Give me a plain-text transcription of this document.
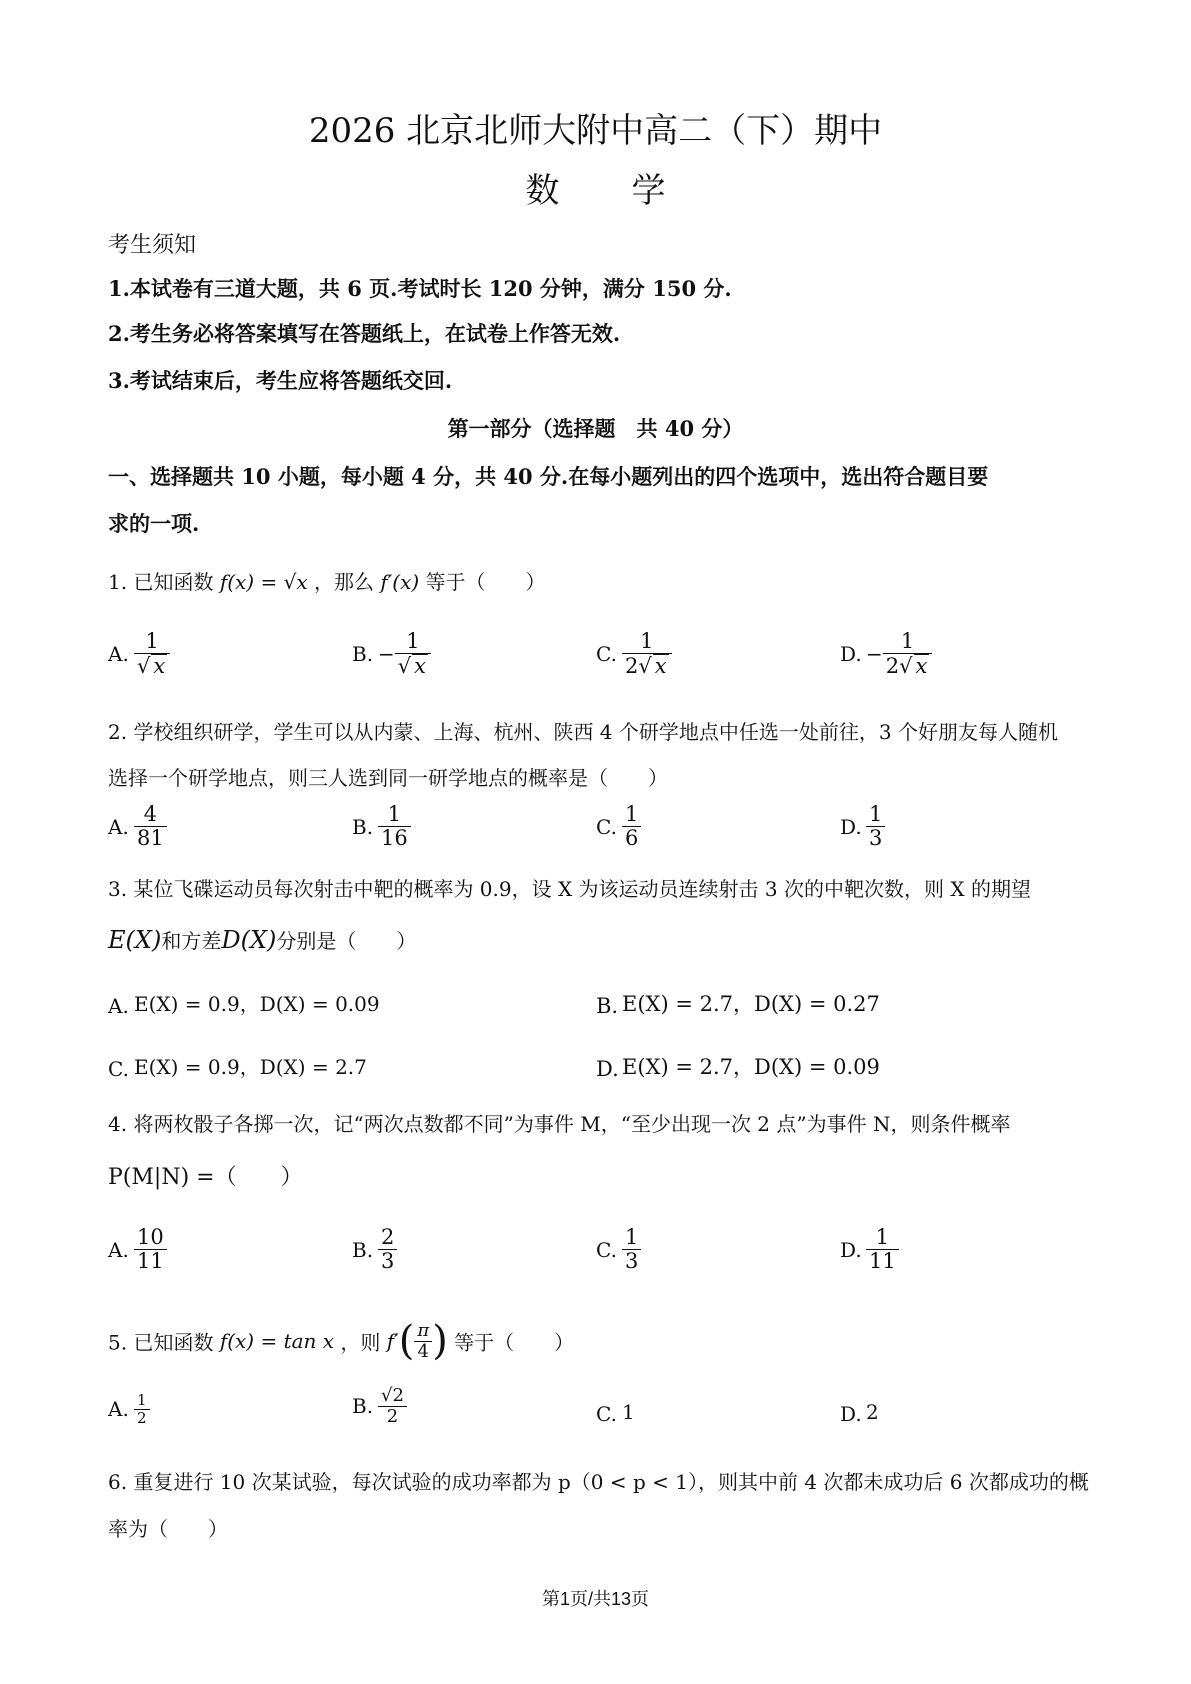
2026 北京北师大附中高二（下）期中
数学
考生须知
1.本试卷有三道大题，共 6 页.考试时长 120 分钟，满分 150 分.
2.考生务必将答案填写在答题纸上，在试卷上作答无效.
3.考试结束后，考生应将答题纸交回.
第一部分（选择题　共 40 分）
一、选择题共 10 小题，每小题 4 分，共 40 分.在每小题列出的四个选项中，选出符合题目要
求的一项.
1. 已知函数 f(x) = √x ，那么 f′(x) 等于（　　）
A. $\frac{1}{√ x}$	B. − $\frac{1}{√ x}$	C. $\frac{1}{2√ x}$	D. − $\frac{1}{2√ x}$
2. 学校组织研学，学生可以从内蒙、上海、杭州、陕西 4 个研学地点中任选一处前往，3 个好朋友每人随机
选择一个研学地点，则三人选到同一研学地点的概率是（　　）
A. $\frac{4}{81}$	B. $\frac{1}{16}$	C. $\frac{1}{6}$	D. $\frac{1}{3}$
3. 某位飞碟运动员每次射击中靶的概率为 0.9，设 X 为该运动员连续射击 3 次的中靶次数，则 X 的期望
E(X)和方差D(X)分别是（　　）
A. E(X) = 0.9，D(X) = 0.09	B. E(X) = 2.7，D(X) = 0.27
C. E(X) = 0.9，D(X) = 2.7	D. E(X) = 2.7，D(X) = 0.09
4. 将两枚骰子各掷一次，记“两次点数都不同”为事件 M，“至少出现一次 2 点”为事件 N，则条件概率
P(M|N) =（　　）
A. $\frac{10}{11}$	B. $\frac{2}{3}$	C. $\frac{1}{3}$	D. $\frac{1}{11}$
5. 已知函数 f(x) = tan x ，则 $f'( \frac{\pi}{4}$ ) 等于（　　）
A. $\frac{1}{2}$	B. $\frac{√2}{2}$	C. 1	D. 2
6. 重复进行 10 次某试验，每次试验的成功率都为 p（0 < p < 1），则其中前 4 次都未成功后 6 次都成功的概
率为（　　）
第1页/共13页
